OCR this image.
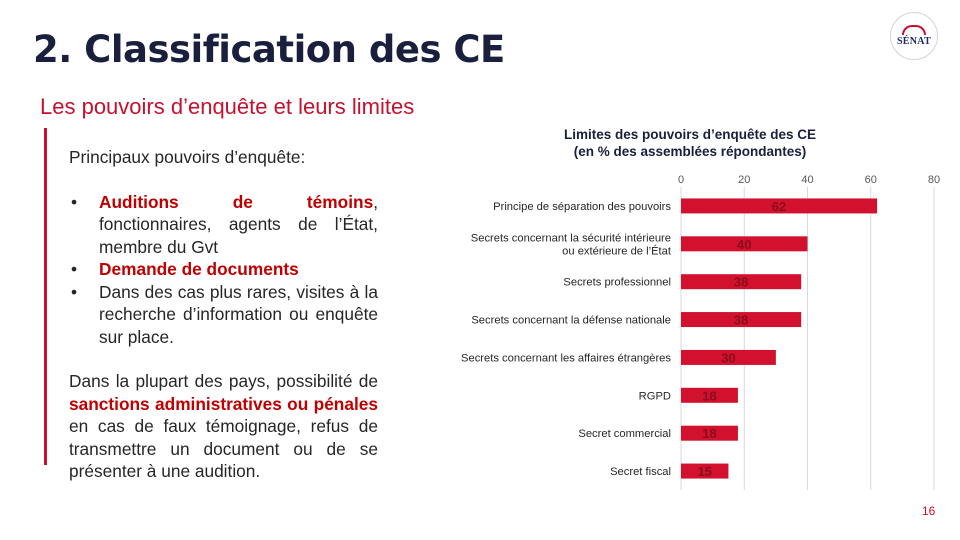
2. Classification des CE
Les pouvoirs d’enquête et leurs limites
SÉNAT

Principaux pouvoirs d’enquête:

• Auditions de témoins, fonctionnaires, agents de l’État, membre du Gvt
• Demande de documents
• Dans des cas plus rares, visites à la recherche d’information ou enquête sur place.

Dans la plupart des pays, possibilité de sanctions administratives ou pénales en cas de faux témoignage, refus de transmettre un document ou de se présenter à une audition.

Limites des pouvoirs d’enquête des CE
(en % des assemblées répondantes)
0	20	40	60	80
62
Principe de séparation des pouvoirs
40
Secrets concernant la sécurité intérieure ou extérieure de l’État
38
Secrets professionnel
38
Secrets concernant la défense nationale
30
Secrets concernant les affaires étrangères
18
RGPD
18
Secret commercial
15
Secret fiscal
16
